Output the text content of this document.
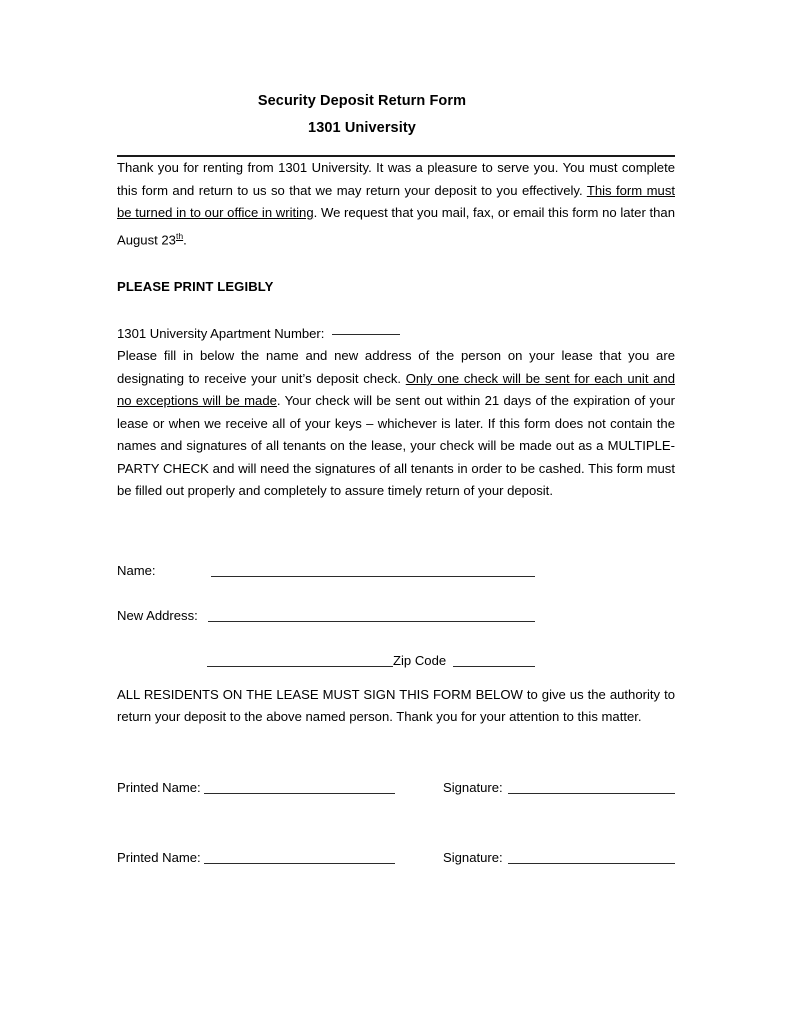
Security Deposit Return Form
1301 University

Thank you for renting from 1301 University. It was a pleasure to serve you. You must complete this form and return to us so that we may return your deposit to you effectively. This form must be turned in to our office in writing. We request that you mail, fax, or email this form no later than August 23th.

PLEASE PRINT LEGIBLY
1301 University Apartment Number:

Please fill in below the name and new address of the person on your lease that you are designating to receive your unit’s deposit check. Only one check will be sent for each unit and no exceptions will be made. Your check will be sent out within 21 days of the expiration of your lease or when we receive all of your keys – whichever is later. If this form does not contain the names and signatures of all tenants on the lease, your check will be made out as a MULTIPLE-PARTY CHECK and will need the signatures of all tenants in order to be cashed. This form must be filled out properly and completely to assure timely return of your deposit.

Name:
New Address:
Zip Code

ALL RESIDENTS ON THE LEASE MUST SIGN THIS FORM BELOW to give us the authority to return your deposit to the above named person. Thank you for your attention to this matter.

Printed Name:	Signature:
Printed Name:	Signature:
